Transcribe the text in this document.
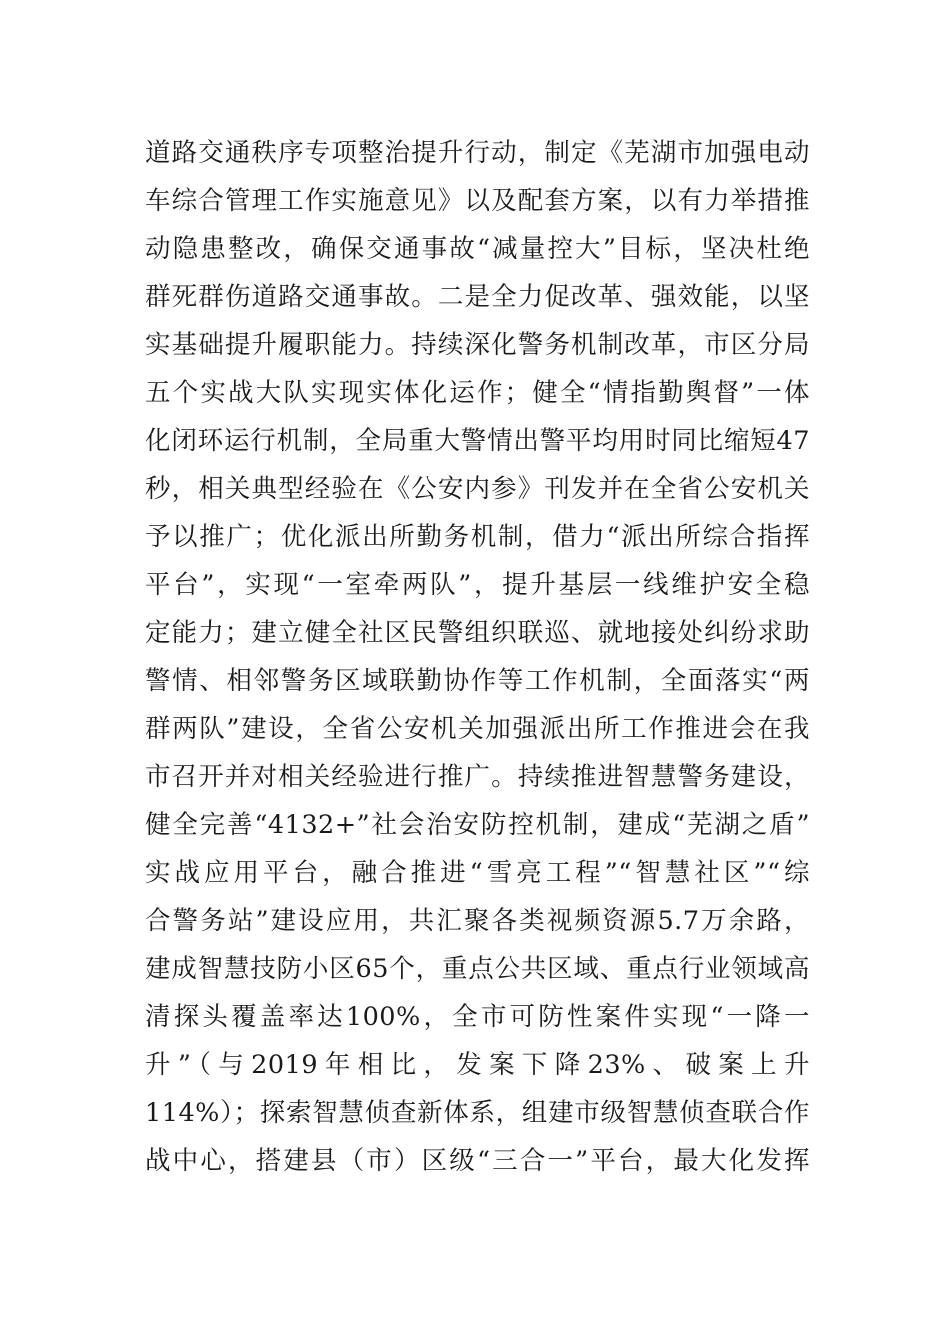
道路交通秩序专项整治提升行动，制定《芜湖市加强电动
车综合管理工作实施意见》以及配套方案，以有力举措推
动隐患整改，确保交通事故“减量控大”目标，坚决杜绝
群死群伤道路交通事故。二是全力促改革、强效能，以坚
实基础提升履职能力。持续深化警务机制改革，市区分局
五个实战大队实现实体化运作；健全“情指勤舆督”一体
化闭环运行机制，全局重大警情出警平均用时同比缩短47
秒，相关典型经验在《公安内参》刊发并在全省公安机关
予以推广；优化派出所勤务机制，借力“派出所综合指挥
平台”，实现“一室牵两队”，提升基层一线维护安全稳
定能力；建立健全社区民警组织联巡、就地接处纠纷求助
警情、相邻警务区域联勤协作等工作机制，全面落实“两
群两队”建设，全省公安机关加强派出所工作推进会在我
市召开并对相关经验进行推广。持续推进智慧警务建设，
健全完善“4132+”社会治安防控机制，建成“芜湖之盾”
实战应用平台，融合推进“雪亮工程”“智慧社区”“综
合警务站”建设应用，共汇聚各类视频资源5.7万余路，
建成智慧技防小区65个，重点公共区域、重点行业领域高
清探头覆盖率达100%，全市可防性案件实现“一降一
升”（与2019年相比，发案下降23%、破案上升
114%）；探索智慧侦查新体系，组建市级智慧侦查联合作
战中心，搭建县（市）区级“三合一”平台，最大化发挥
